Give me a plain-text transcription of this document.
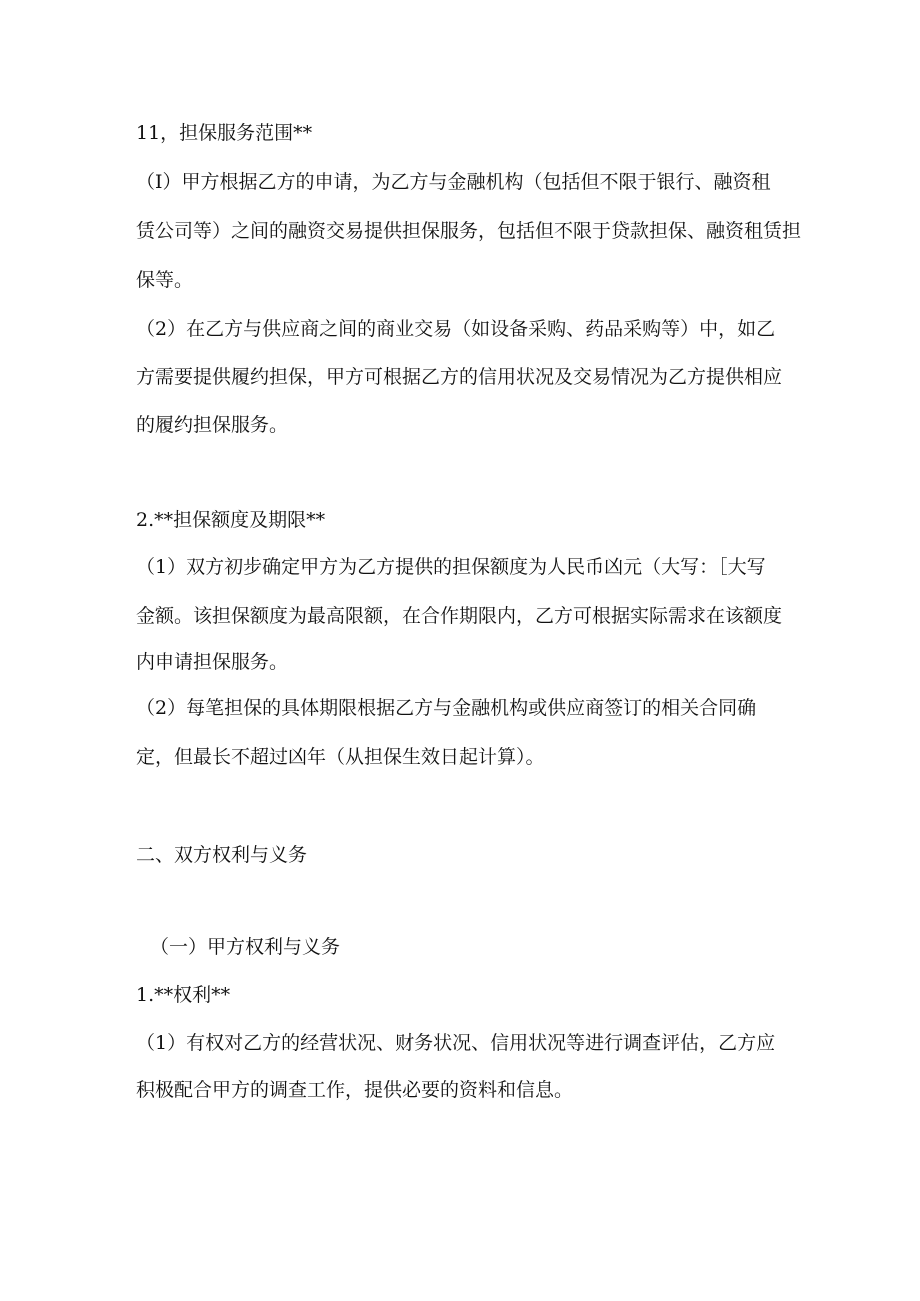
11，担保服务范围**

（I）甲方根据乙方的申请，为乙方与金融机构（包括但不限于银行、融资租

赁公司等）之间的融资交易提供担保服务，包括但不限于贷款担保、融资租赁担

保等。

（2）在乙方与供应商之间的商业交易（如设备采购、药品采购等）中，如乙

方需要提供履约担保，甲方可根据乙方的信用状况及交易情况为乙方提供相应

的履约担保服务。

2.**担保额度及期限**

（1）双方初步确定甲方为乙方提供的担保额度为人民币凶元（大写：［大写

金额。该担保额度为最高限额，在合作期限内，乙方可根据实际需求在该额度

内申请担保服务。

（2）每笔担保的具体期限根据乙方与金融机构或供应商签订的相关合同确

定，但最长不超过凶年（从担保生效日起计算）。

二、双方权利与义务

（一）甲方权利与义务

1.**权利**

（1）有权对乙方的经营状况、财务状况、信用状况等进行调查评估，乙方应

积极配合甲方的调查工作，提供必要的资料和信息。
